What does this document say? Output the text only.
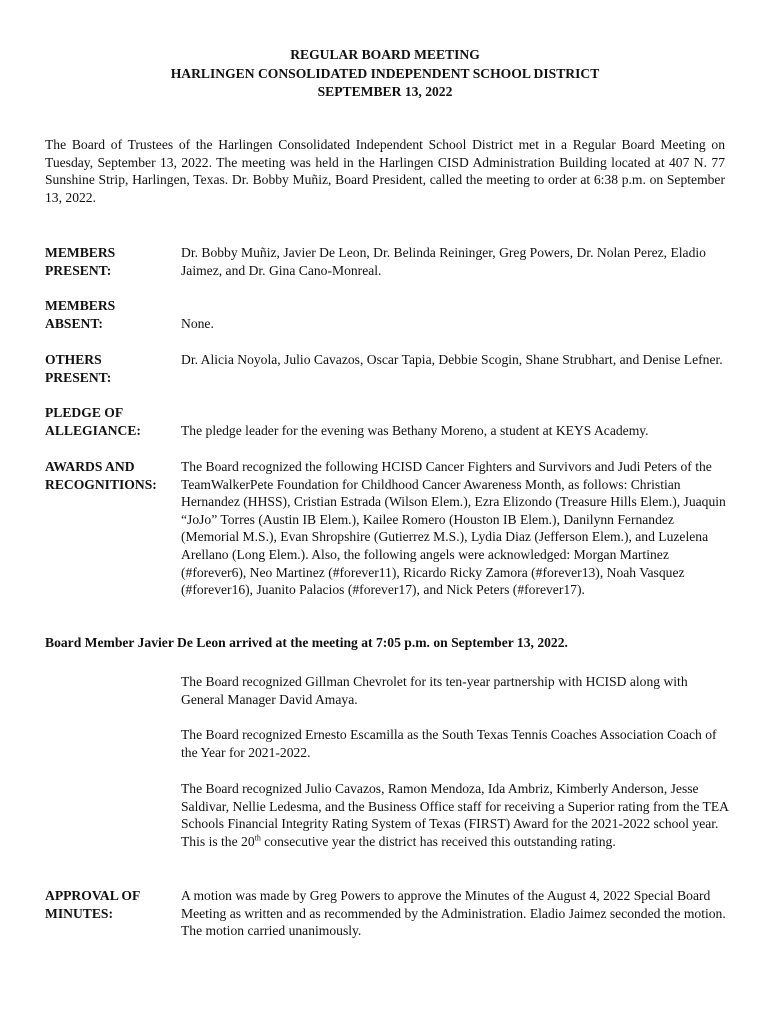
REGULAR BOARD MEETING
HARLINGEN CONSOLIDATED INDEPENDENT SCHOOL DISTRICT
SEPTEMBER 13, 2022
The Board of Trustees of the Harlingen Consolidated Independent School District met in a Regular Board Meeting on Tuesday, September 13, 2022. The meeting was held in the Harlingen CISD Administration Building located at 407 N. 77 Sunshine Strip, Harlingen, Texas. Dr. Bobby Muñiz, Board President, called the meeting to order at 6:38 p.m. on September 13, 2022.
MEMBERS
PRESENT:
Dr. Bobby Muñiz, Javier De Leon, Dr. Belinda Reininger, Greg Powers, Dr. Nolan Perez, Eladio Jaimez, and Dr. Gina Cano-Monreal.
MEMBERS
ABSENT:	None.
OTHERS
PRESENT:
Dr. Alicia Noyola, Julio Cavazos, Oscar Tapia, Debbie Scogin, Shane Strubhart, and Denise Lefner.
PLEDGE OF
ALLEGIANCE:	The pledge leader for the evening was Bethany Moreno, a student at KEYS Academy.
AWARDS AND
RECOGNITIONS:
The Board recognized the following HCISD Cancer Fighters and Survivors and Judi Peters of the TeamWalkerPete Foundation for Childhood Cancer Awareness Month, as follows: Christian Hernandez (HHSS), Cristian Estrada (Wilson Elem.), Ezra Elizondo (Treasure Hills Elem.), Juaquin “JoJo” Torres (Austin IB Elem.), Kailee Romero (Houston IB Elem.), Danilynn Fernandez (Memorial M.S.), Evan Shropshire (Gutierrez M.S.), Lydia Diaz (Jefferson Elem.), and Luzelena Arellano (Long Elem.). Also, the following angels were acknowledged: Morgan Martinez (#forever6), Neo Martinez (#forever11), Ricardo Ricky Zamora (#forever13), Noah Vasquez (#forever16), Juanito Palacios (#forever17), and Nick Peters (#forever17).
Board Member Javier De Leon arrived at the meeting at 7:05 p.m. on September 13, 2022.
The Board recognized Gillman Chevrolet for its ten-year partnership with HCISD along with General Manager David Amaya.
The Board recognized Ernesto Escamilla as the South Texas Tennis Coaches Association Coach of the Year for 2021-2022.
The Board recognized Julio Cavazos, Ramon Mendoza, Ida Ambriz, Kimberly Anderson, Jesse Saldivar, Nellie Ledesma, and the Business Office staff for receiving a Superior rating from the TEA Schools Financial Integrity Rating System of Texas (FIRST) Award for the 2021-2022 school year. This is the 20th consecutive year the district has received this outstanding rating.
APPROVAL OF
MINUTES:
A motion was made by Greg Powers to approve the Minutes of the August 4, 2022 Special Board Meeting as written and as recommended by the Administration. Eladio Jaimez seconded the motion. The motion carried unanimously.
